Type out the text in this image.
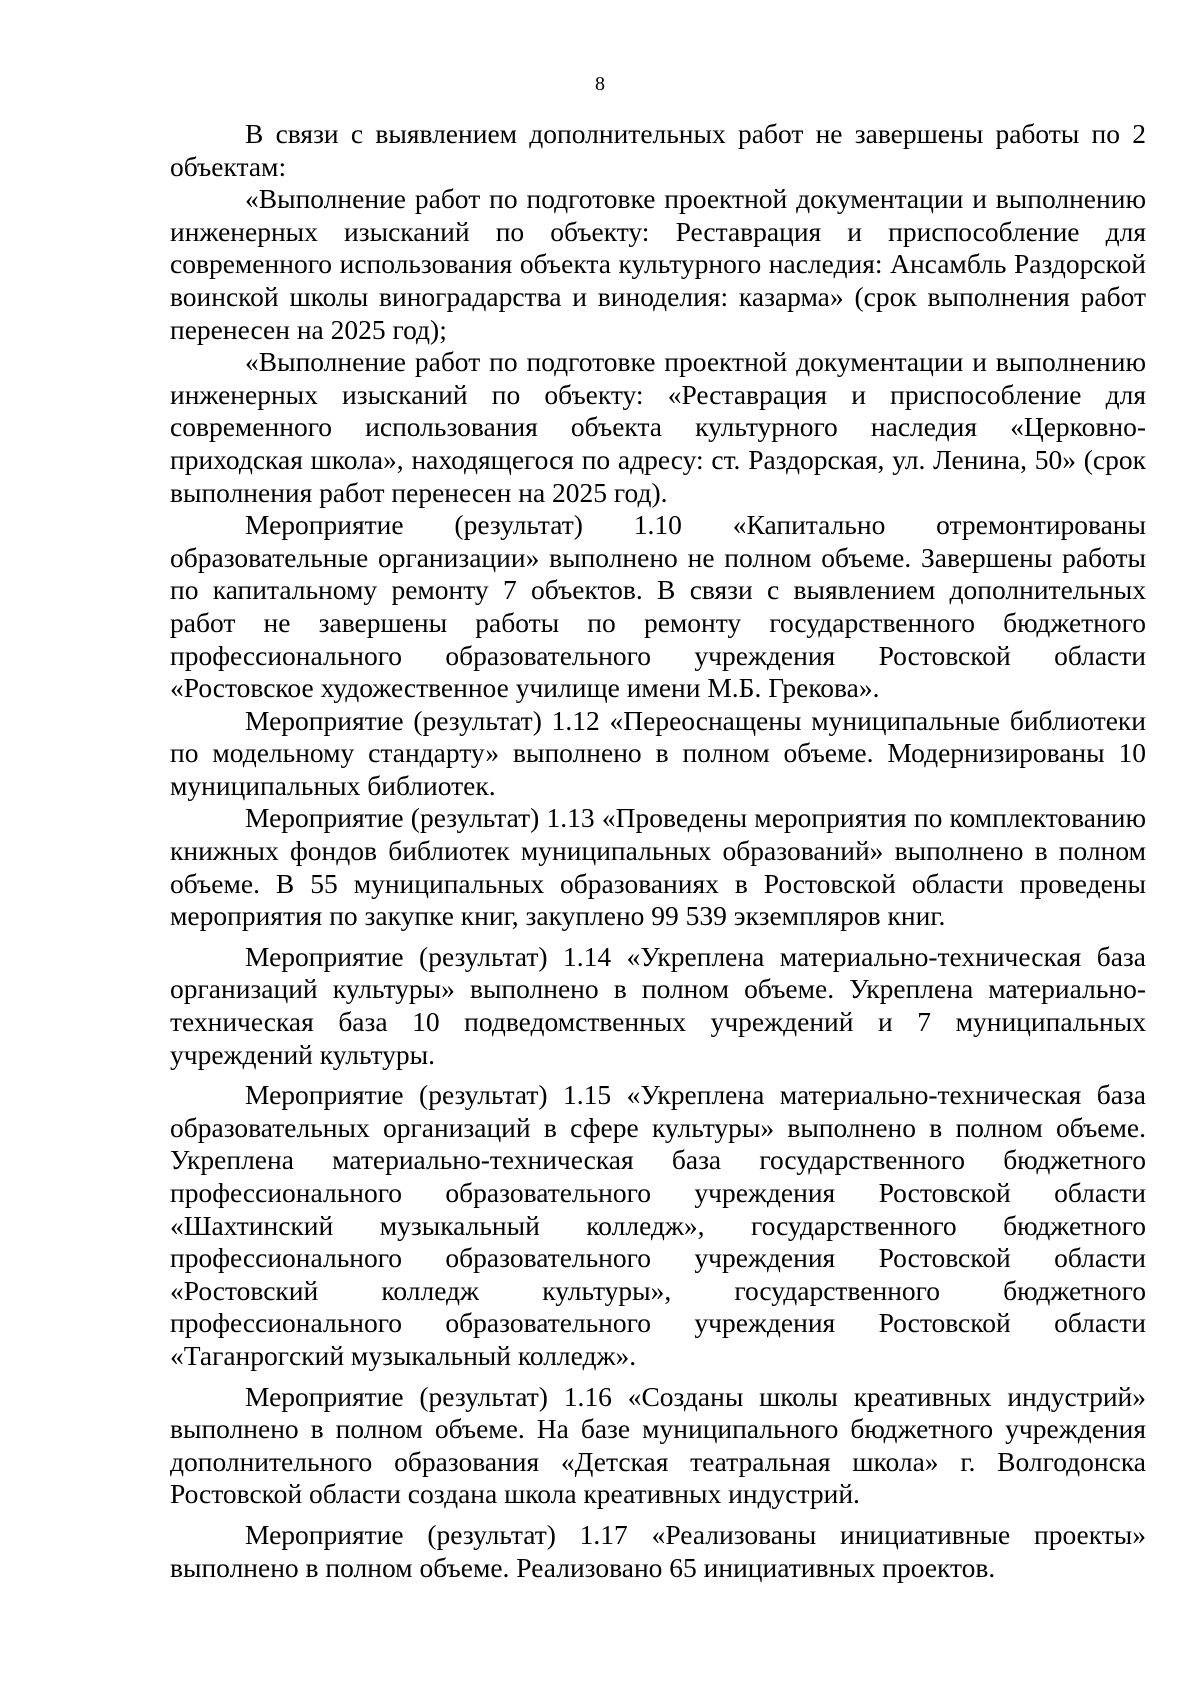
8

В связи с выявлением дополнительных работ не завершены работы по 2 объектам:

«Выполнение работ по подготовке проектной документации и выполнению инженерных изысканий по объекту: Реставрация и приспособление для современного использования объекта культурного наследия: Ансамбль Раздорской воинской школы виноградарства и виноделия: казарма» (срок выполнения работ перенесен на 2025 год);

«Выполнение работ по подготовке проектной документации и выполнению инженерных изысканий по объекту: «Реставрация и приспособление для современного использования объекта культурного наследия «Церковно-приходская школа», находящегося по адресу: ст. Раздорская, ул. Ленина, 50» (срок выполнения работ перенесен на 2025 год).

Мероприятие (результат) 1.10 «Капитально отремонтированы образовательные организации» выполнено не полном объеме. Завершены работы по капитальному ремонту 7 объектов. В связи с выявлением дополнительных работ не завершены работы по ремонту государственного бюджетного профессионального образовательного учреждения Ростовской области «Ростовское художественное училище имени М.Б. Грекова».

Мероприятие (результат) 1.12 «Переоснащены муниципальные библиотеки по модельному стандарту» выполнено в полном объеме. Модернизированы 10 муниципальных библиотек.

Мероприятие (результат) 1.13 «Проведены мероприятия по комплектованию книжных фондов библиотек муниципальных образований» выполнено в полном объеме. В 55 муниципальных образованиях в Ростовской области проведены мероприятия по закупке книг, закуплено 99 539 экземпляров книг.

Мероприятие (результат) 1.14 «Укреплена материально-техническая база организаций культуры» выполнено в полном объеме. Укреплена материально-техническая база 10 подведомственных учреждений и 7 муниципальных учреждений культуры.

Мероприятие (результат) 1.15 «Укреплена материально-техническая база образовательных организаций в сфере культуры» выполнено в полном объеме. Укреплена материально-техническая база государственного бюджетного профессионального образовательного учреждения Ростовской области «Шахтинский музыкальный колледж», государственного бюджетного профессионального образовательного учреждения Ростовской области «Ростовский колледж культуры», государственного бюджетного профессионального образовательного учреждения Ростовской области «Таганрогский музыкальный колледж».

Мероприятие (результат) 1.16 «Созданы школы креативных индустрий» выполнено в полном объеме. На базе муниципального бюджетного учреждения дополнительного образования «Детская театральная школа» г. Волгодонска Ростовской области создана школа креативных индустрий.

Мероприятие (результат) 1.17 «Реализованы инициативные проекты» выполнено в полном объеме. Реализовано 65 инициативных проектов.
